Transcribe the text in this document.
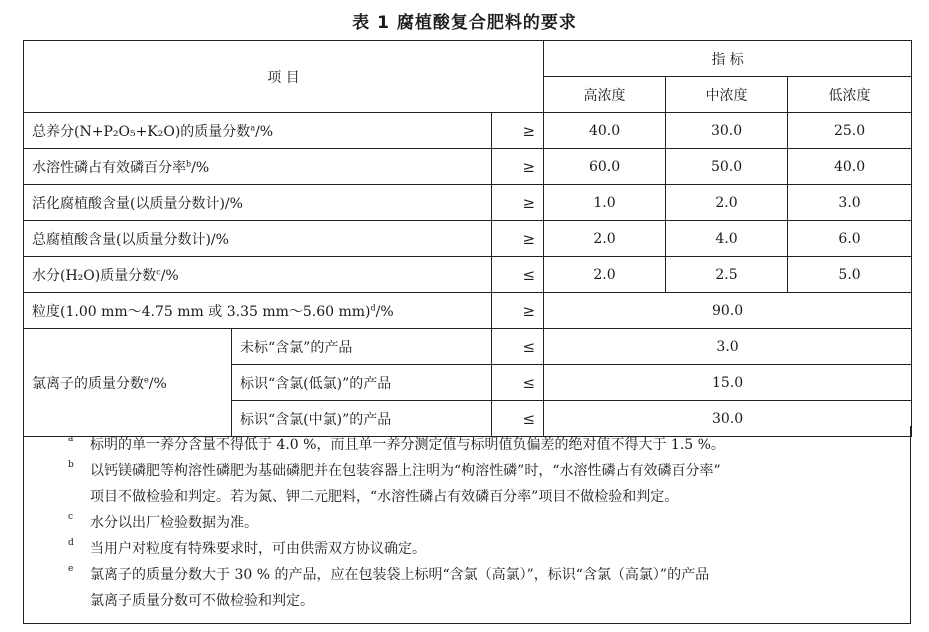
表 1 腐植酸复合肥料的要求
项 目			指 标		
			高浓度	中浓度	低浓度
总养分(N+P₂O₅+K₂O)的质量分数$^a$/%		≥	40.0	30.0	25.0
水溶性磷占有效磷百分率$^b$/%		≥	60.0	50.0	40.0
活化腐植酸含量(以质量分数计)/%		≥	1.0	2.0	3.0
总腐植酸含量(以质量分数计)/%		≥	2.0	4.0	6.0
水分(H₂O)质量分数$^c$/%		≤	2.0	2.5	5.0
粒度(1.00 mm～4.75 mm 或 3.35 mm～5.60 mm)$^d$/%		≥	90.0		
氯离子的质量分数$^e$/%	未标“含氯”的产品	≤	3.0		
	标识“含氯(低氯)”的产品	≤	15.0		
	标识“含氯(中氯)”的产品	≤	30.0		
a 标明的单一养分含量不得低于 4.0 %，而且单一养分测定值与标明值负偏差的绝对值不得大于 1.5 %。
b 以钙镁磷肥等枸溶性磷肥为基础磷肥并在包装容器上注明为“枸溶性磷”时，“水溶性磷占有效磷百分率”
项目不做检验和判定。若为氮、钾二元肥料，“水溶性磷占有效磷百分率”项目不做检验和判定。
c 水分以出厂检验数据为准。
d 当用户对粒度有特殊要求时，可由供需双方协议确定。
e 氯离子的质量分数大于 30 % 的产品，应在包装袋上标明“含氯（高氯）”，标识“含氯（高氯）”的产品
氯离子质量分数可不做检验和判定。
